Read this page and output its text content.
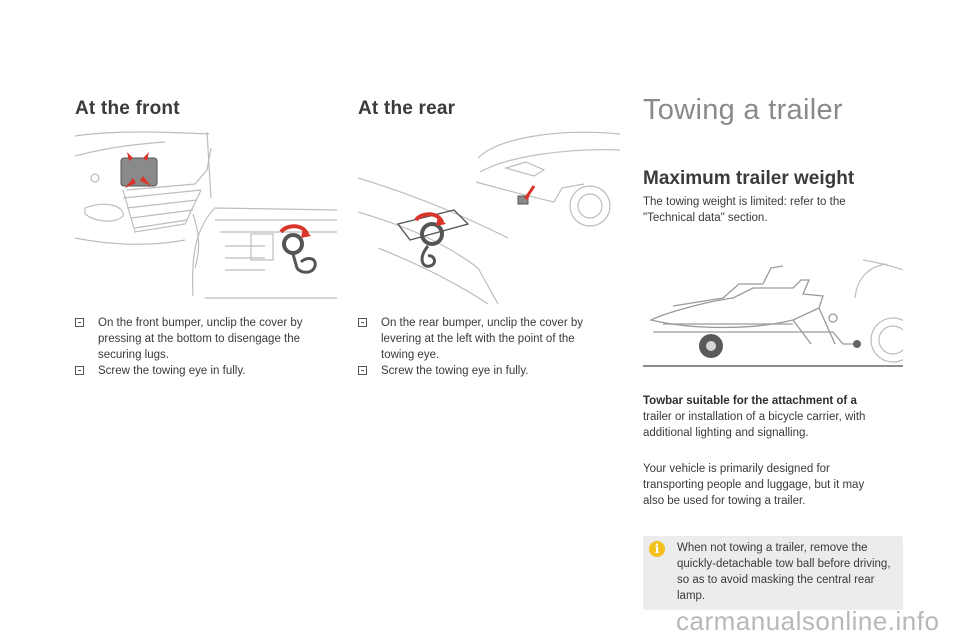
At the front
On the front bumper, unclip the cover by pressing at the bottom to disengage the securing lugs.
Screw the towing eye in fully.
At the rear
On the rear bumper, unclip the cover by levering at the left with the point of the towing eye.
Screw the towing eye in fully.
Towing a trailer
Maximum trailer weight
The towing weight is limited: refer to the "Technical data" section.
Towbar suitable for the attachment of a trailer or installation of a bicycle carrier, with additional lighting and signalling.
Your vehicle is primarily designed for transporting people and luggage, but it may also be used for towing a trailer.
i	When not towing a trailer, remove the quickly-detachable tow ball before driving, so as to avoid masking the central rear lamp.
carmanualsonline.info
